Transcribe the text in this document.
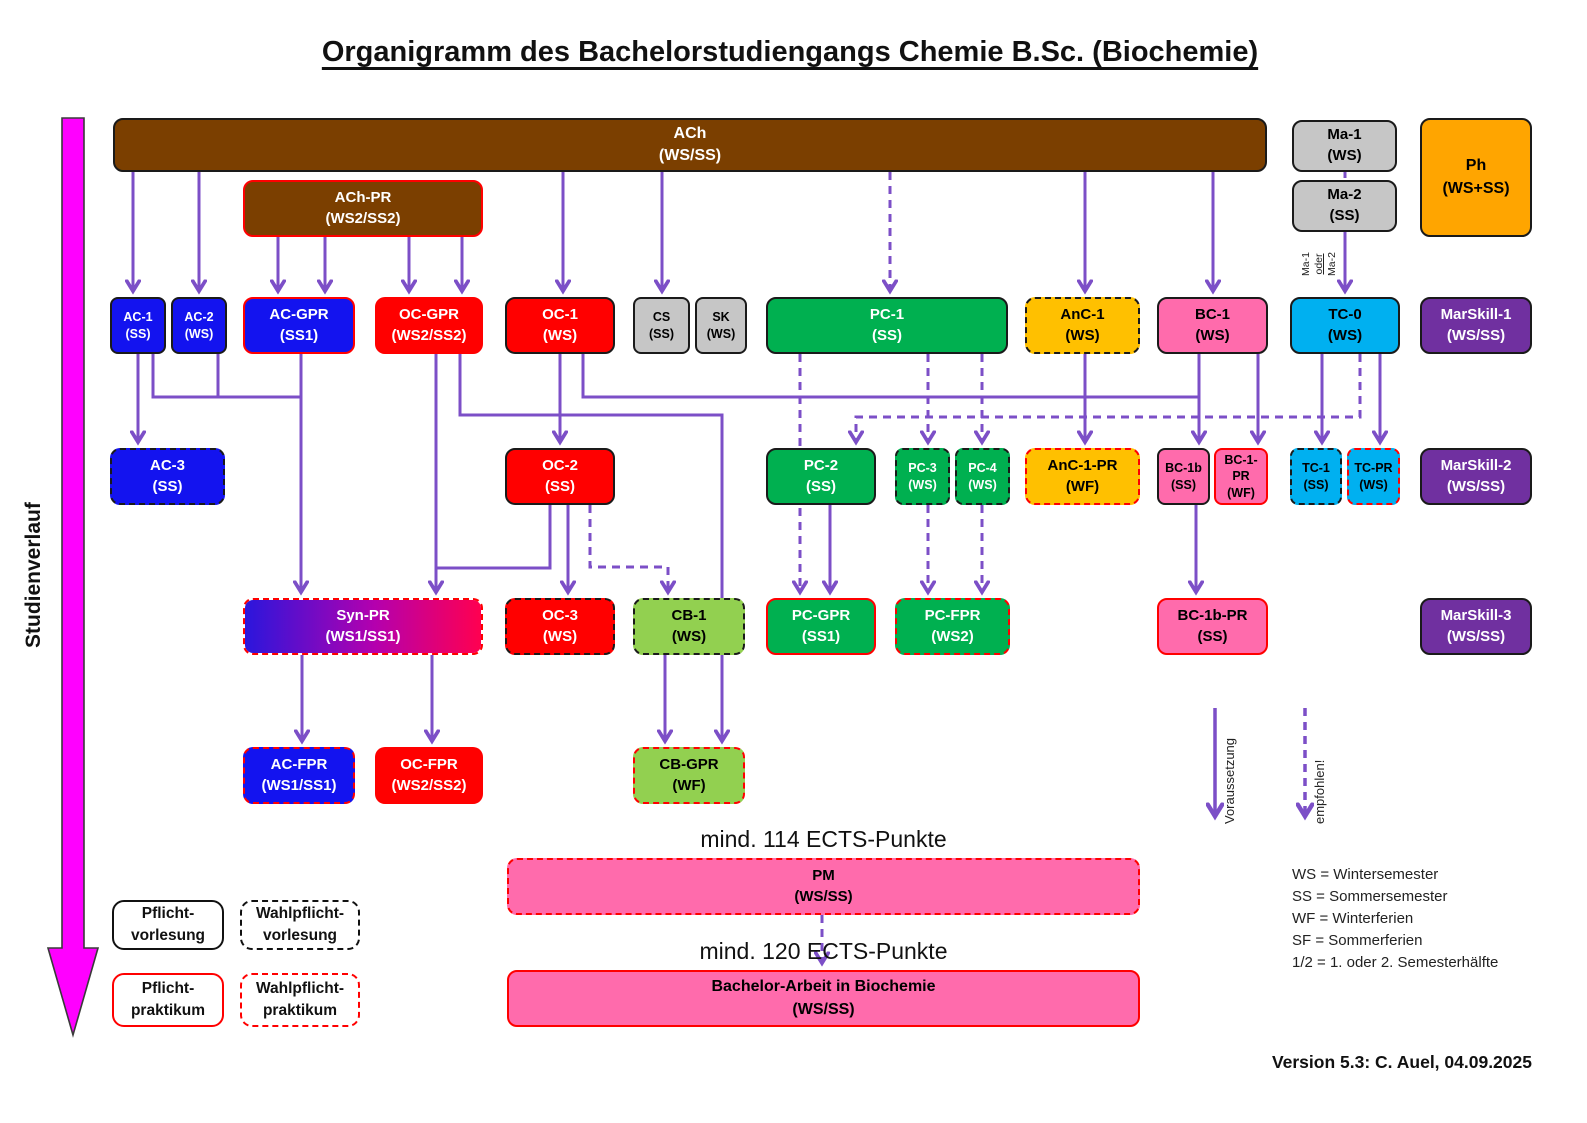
Organigramm des Bachelorstudiengangs Chemie B.Sc. (Biochemie)
Studienverlauf
Ma-1 oder Ma-2
mind. 114 ECTS-Punkte
mind. 120 ECTS-Punkte
Pflicht-
vorlesung
Wahlpflicht-
vorlesung
Pflicht-
praktikum
Wahlpflicht-
praktikum
Voraussetzung	empfohlen!
WS = Wintersemester
SS = Sommersemester
WF = Winterferien
SF = Sommerferien
1/2 = 1. oder 2. Semesterhälfte
Version 5.3: C. Auel, 04.09.2025
ACh
(WS/SS)
Ma-1
(WS)
Ma-2
(SS)
Ph
(WS+SS)
ACh-PR
(WS2/SS2)
AC-1
(SS)
AC-2
(WS)
AC-GPR
(SS1)
OC-GPR
(WS2/SS2)
OC-1
(WS)
CS
(SS)
SK
(WS)
PC-1
(SS)
AnC-1
(WS)
BC-1
(WS)
TC-0
(WS)
MarSkill-1
(WS/SS)
AC-3
(SS)
OC-2
(SS)
PC-2
(SS)
PC-3
(WS)
PC-4
(WS)
AnC-1-PR
(WF)
BC-1b
(SS)
BC-1-PR
(WF)
TC-1
(SS)
TC-PR
(WS)
MarSkill-2
(WS/SS)
Syn-PR
(WS1/SS1)
OC-3
(WS)
CB-1
(WS)
PC-GPR
(SS1)
PC-FPR
(WS2)
BC-1b-PR
(SS)
MarSkill-3
(WS/SS)
AC-FPR
(WS1/SS1)
OC-FPR
(WS2/SS2)
CB-GPR
(WF)
PM
(WS/SS)
Bachelor-Arbeit in Biochemie
(WS/SS)
